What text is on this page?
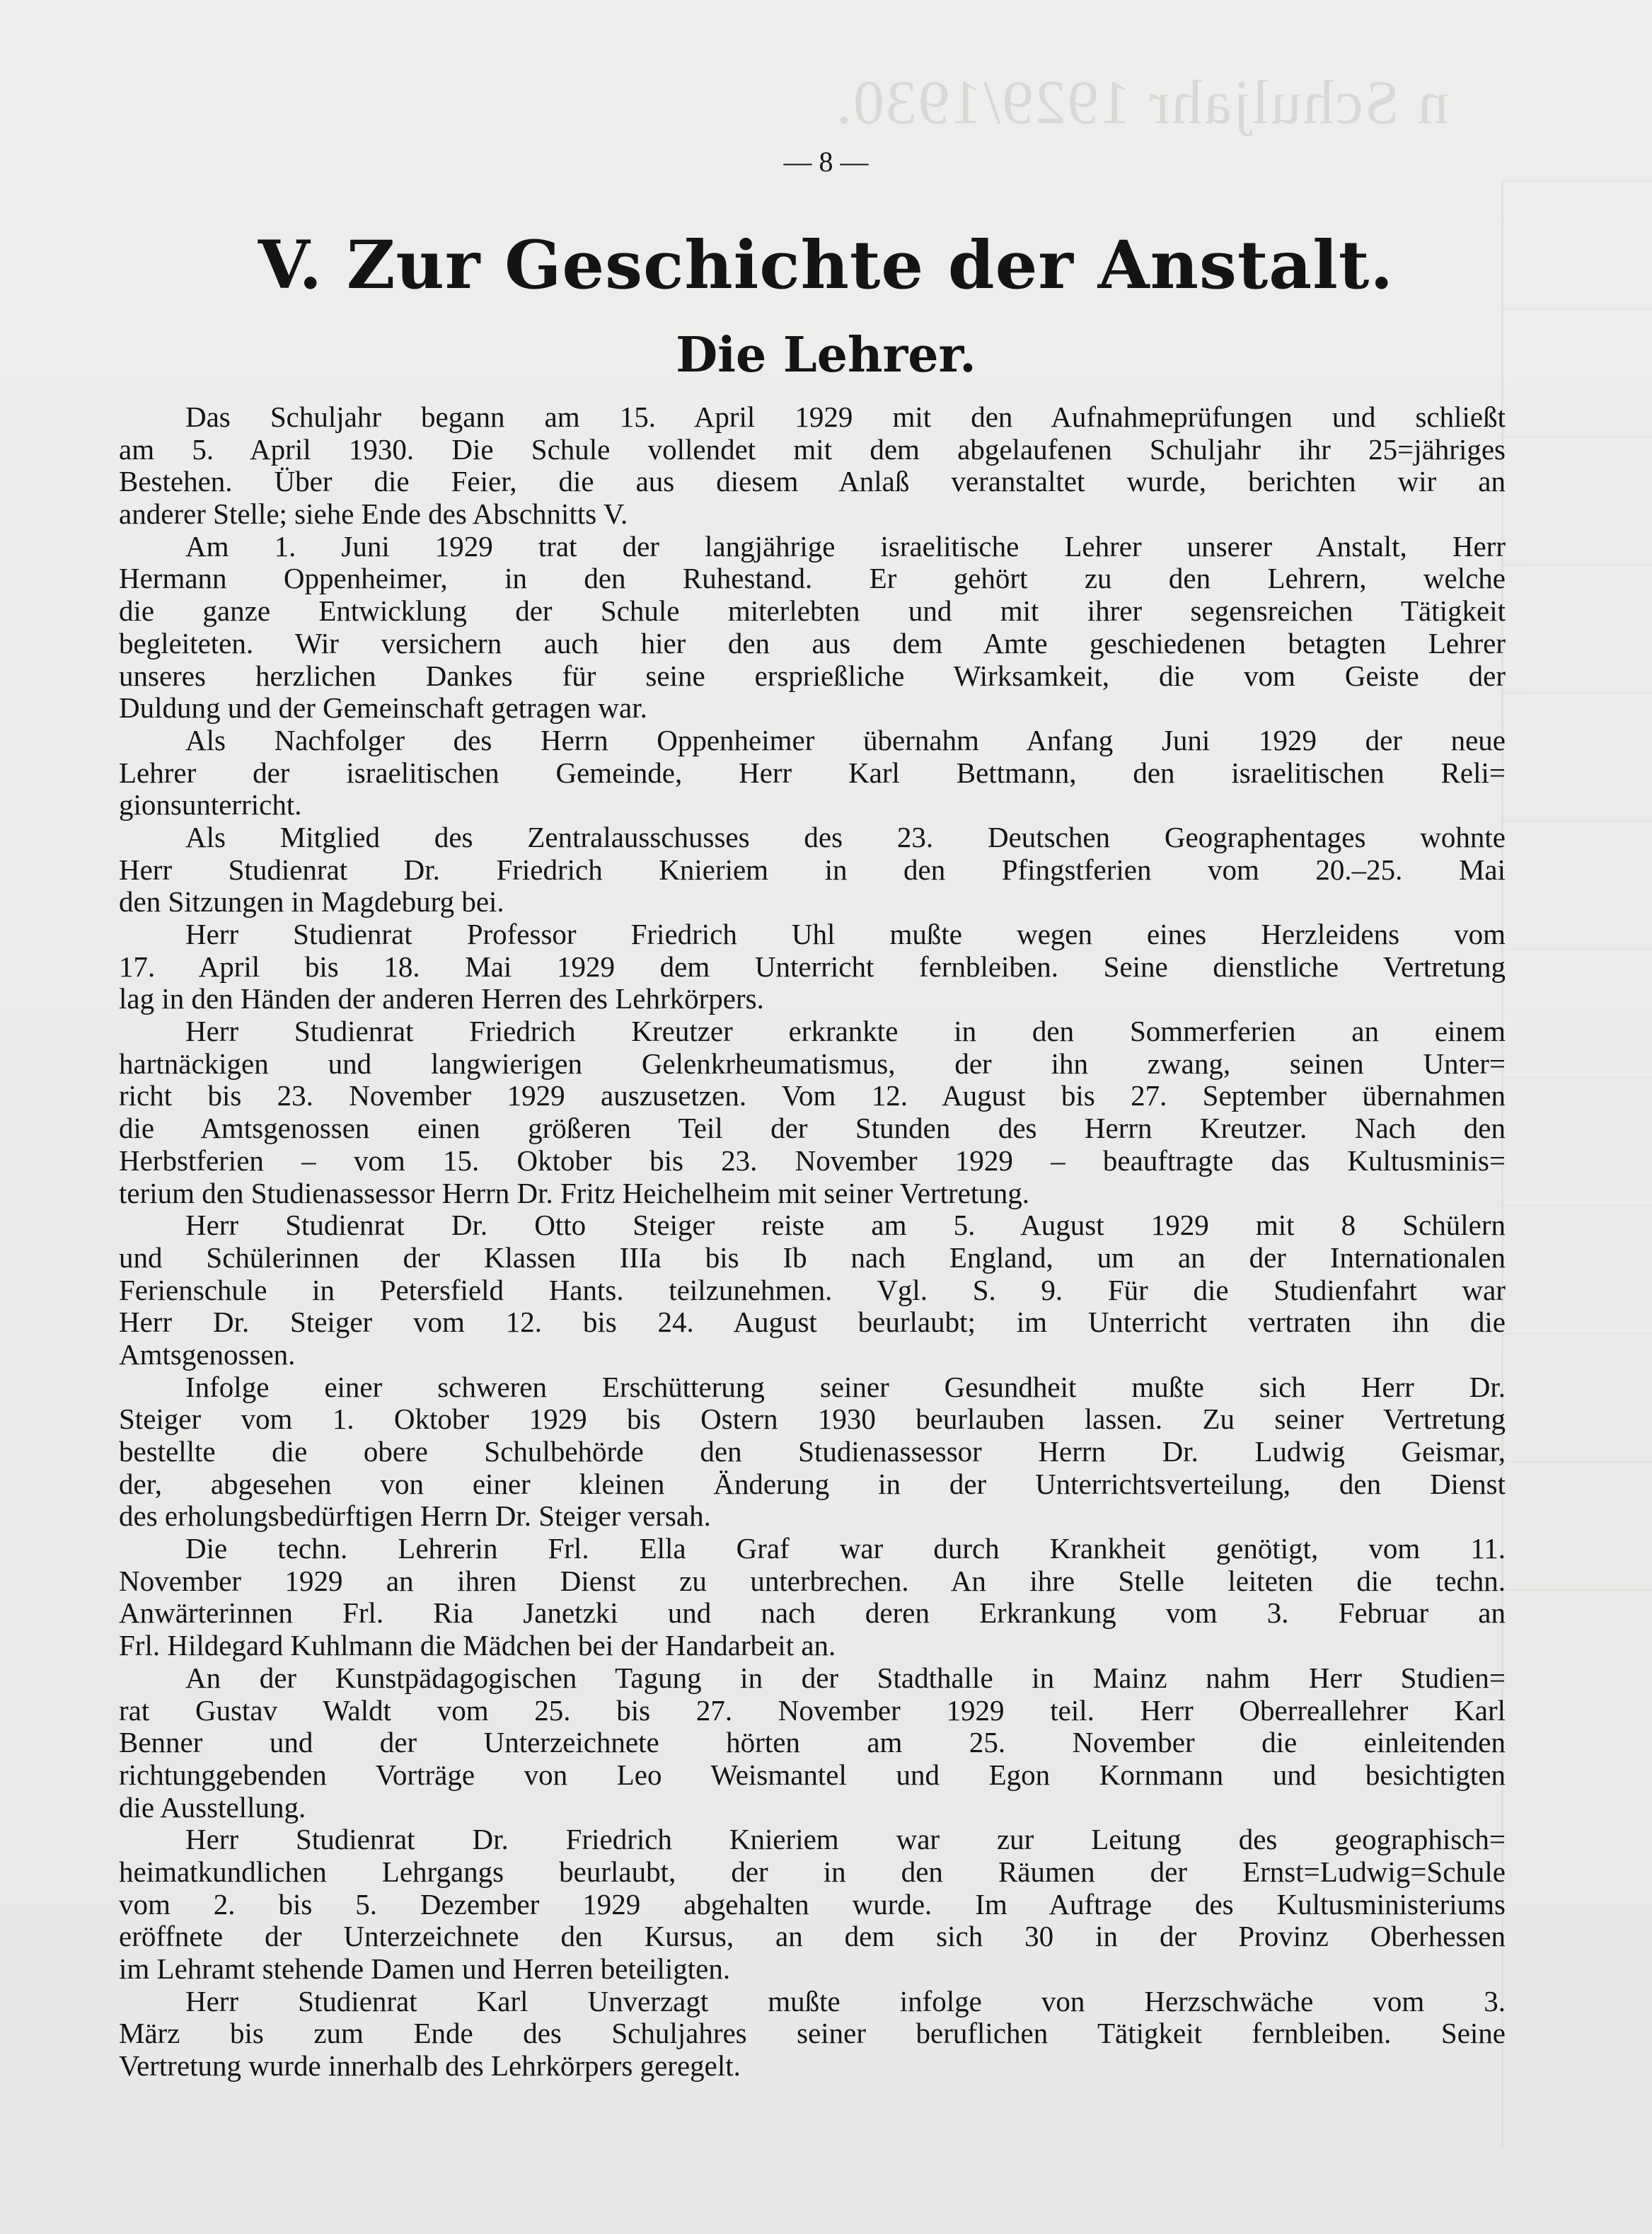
n Schuljahr 1929/1930.
— 8 —
V. Zur Geschichte der Anstalt.
Die Lehrer.
Das Schuljahr begann am 15. April 1929 mit den Aufnahmeprüfungen und schließt
am 5. April 1930. Die Schule vollendet mit dem abgelaufenen Schuljahr ihr 25=jähriges
Bestehen. Über die Feier, die aus diesem Anlaß veranstaltet wurde, berichten wir an
anderer Stelle; siehe Ende des Abschnitts V.
Am 1. Juni 1929 trat der langjährige israelitische Lehrer unserer Anstalt, Herr
Hermann Oppenheimer, in den Ruhestand. Er gehört zu den Lehrern, welche
die ganze Entwicklung der Schule miterlebten und mit ihrer segensreichen Tätigkeit
begleiteten. Wir versichern auch hier den aus dem Amte geschiedenen betagten Lehrer
unseres herzlichen Dankes für seine ersprießliche Wirksamkeit, die vom Geiste der
Duldung und der Gemeinschaft getragen war.
Als Nachfolger des Herrn Oppenheimer übernahm Anfang Juni 1929 der neue
Lehrer der israelitischen Gemeinde, Herr Karl Bettmann, den israelitischen Reli=
gionsunterricht.
Als Mitglied des Zentralausschusses des 23. Deutschen Geographentages wohnte
Herr Studienrat Dr. Friedrich Knieriem in den Pfingstferien vom 20.–25. Mai
den Sitzungen in Magdeburg bei.
Herr Studienrat Professor Friedrich Uhl mußte wegen eines Herzleidens vom
17. April bis 18. Mai 1929 dem Unterricht fernbleiben. Seine dienstliche Vertretung
lag in den Händen der anderen Herren des Lehrkörpers.
Herr Studienrat Friedrich Kreutzer erkrankte in den Sommerferien an einem
hartnäckigen und langwierigen Gelenkrheumatismus, der ihn zwang, seinen Unter=
richt bis 23. November 1929 auszusetzen. Vom 12. August bis 27. September übernahmen
die Amtsgenossen einen größeren Teil der Stunden des Herrn Kreutzer. Nach den
Herbstferien – vom 15. Oktober bis 23. November 1929 – beauftragte das Kultusminis=
terium den Studienassessor Herrn Dr. Fritz Heichelheim mit seiner Vertretung.
Herr Studienrat Dr. Otto Steiger reiste am 5. August 1929 mit 8 Schülern
und Schülerinnen der Klassen IIIa bis Ib nach England, um an der Internationalen
Ferienschule in Petersfield Hants. teilzunehmen. Vgl. S. 9. Für die Studienfahrt war
Herr Dr. Steiger vom 12. bis 24. August beurlaubt; im Unterricht vertraten ihn die
Amtsgenossen.
Infolge einer schweren Erschütterung seiner Gesundheit mußte sich Herr Dr.
Steiger vom 1. Oktober 1929 bis Ostern 1930 beurlauben lassen. Zu seiner Vertretung
bestellte die obere Schulbehörde den Studienassessor Herrn Dr. Ludwig Geismar,
der, abgesehen von einer kleinen Änderung in der Unterrichtsverteilung, den Dienst
des erholungsbedürftigen Herrn Dr. Steiger versah.
Die techn. Lehrerin Frl. Ella Graf war durch Krankheit genötigt, vom 11.
November 1929 an ihren Dienst zu unterbrechen. An ihre Stelle leiteten die techn.
Anwärterinnen Frl. Ria Janetzki und nach deren Erkrankung vom 3. Februar an
Frl. Hildegard Kuhlmann die Mädchen bei der Handarbeit an.
An der Kunstpädagogischen Tagung in der Stadthalle in Mainz nahm Herr Studien=
rat Gustav Waldt vom 25. bis 27. November 1929 teil. Herr Oberreallehrer Karl
Benner und der Unterzeichnete hörten am 25. November die einleitenden
richtunggebenden Vorträge von Leo Weismantel und Egon Kornmann und besichtigten
die Ausstellung.
Herr Studienrat Dr. Friedrich Knieriem war zur Leitung des geographisch=
heimatkundlichen Lehrgangs beurlaubt, der in den Räumen der Ernst=Ludwig=Schule
vom 2. bis 5. Dezember 1929 abgehalten wurde. Im Auftrage des Kultusministeriums
eröffnete der Unterzeichnete den Kursus, an dem sich 30 in der Provinz Oberhessen
im Lehramt stehende Damen und Herren beteiligten.
Herr Studienrat Karl Unverzagt mußte infolge von Herzschwäche vom 3.
März bis zum Ende des Schuljahres seiner beruflichen Tätigkeit fernbleiben. Seine
Vertretung wurde innerhalb des Lehrkörpers geregelt.
